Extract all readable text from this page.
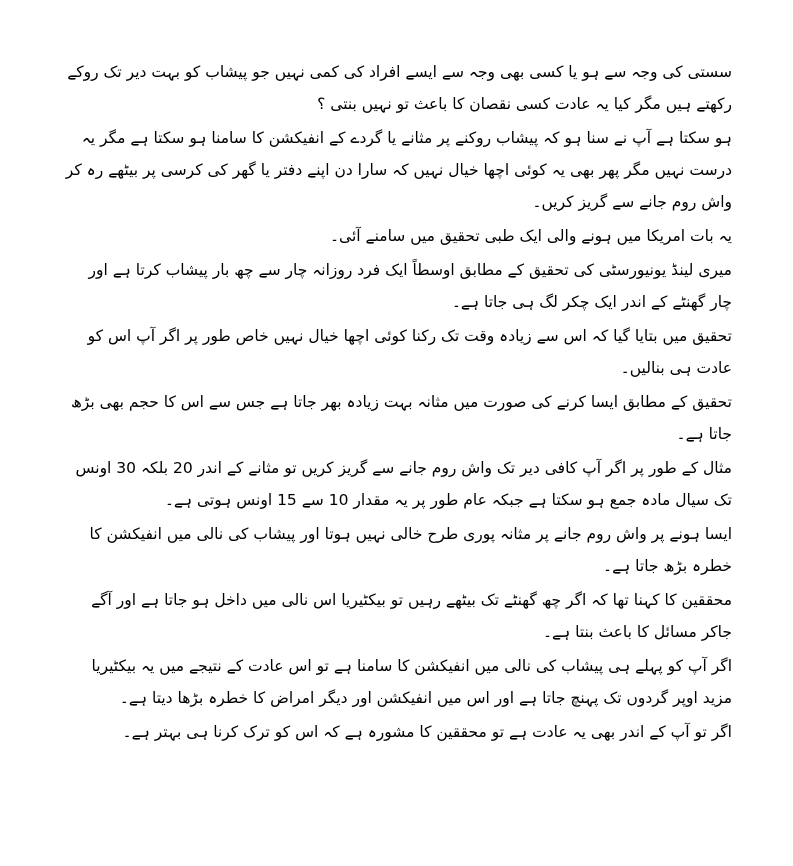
سستی کی وجہ سے ہو یا کسی بھی وجہ سے ایسے افراد کی کمی نہیں جو پیشاب کو بہت دیر تک روکے رکھتے ہیں مگر کیا یہ عادت کسی نقصان کا باعث تو نہیں بنتی ؟

ہو سکتا ہے آپ نے سنا ہو کہ پیشاب روکنے پر مثانے یا گردے کے انفیکشن کا سامنا ہو سکتا ہے مگر یہ درست نہیں مگر پھر بھی یہ کوئی اچھا خیال نہیں کہ سارا دن اپنے دفتر یا گھر کی کرسی پر بیٹھے رہ کر واش روم جانے سے گریز کریں۔

یہ بات امریکا میں ہونے والی ایک طبی تحقیق میں سامنے آئی۔

میری لینڈ یونیورسٹی کی تحقیق کے مطابق اوسطاً ایک فرد روزانہ چار سے چھ بار پیشاب کرتا ہے اور چار گھنٹے کے اندر ایک چکر لگ ہی جاتا ہے۔

تحقیق میں بتایا گیا کہ اس سے زیادہ وقت تک رکنا کوئی اچھا خیال نہیں خاص طور پر اگر آپ اس کو عادت ہی بنالیں۔

تحقیق کے مطابق ایسا کرنے کی صورت میں مثانہ بہت زیادہ بھر جاتا ہے جس سے اس کا حجم بھی بڑھ جاتا ہے۔

مثال کے طور پر اگر آپ کافی دیر تک واش روم جانے سے گریز کریں تو مثانے کے اندر 20 بلکہ 30 اونس تک سیال مادہ جمع ہو سکتا ہے جبکہ عام طور پر یہ مقدار 10 سے 15 اونس ہوتی ہے۔

ایسا ہونے پر واش روم جانے پر مثانہ پوری طرح خالی نہیں ہوتا اور پیشاب کی نالی میں انفیکشن کا خطرہ بڑھ جاتا ہے۔

محققین کا کہنا تھا کہ اگر چھ گھنٹے تک بیٹھے رہیں تو بیکٹیریا اس نالی میں داخل ہو جاتا ہے اور آگے جاکر مسائل کا باعث بنتا ہے۔

اگر آپ کو پہلے ہی پیشاب کی نالی میں انفیکشن کا سامنا ہے تو اس عادت کے نتیجے میں یہ بیکٹیریا مزید اوپر گردوں تک پہنچ جاتا ہے اور اس میں انفیکشن اور دیگر امراض کا خطرہ بڑھا دیتا ہے۔

اگر تو آپ کے اندر بھی یہ عادت ہے تو محققین کا مشورہ ہے کہ اس کو ترک کرنا ہی بہتر ہے۔
